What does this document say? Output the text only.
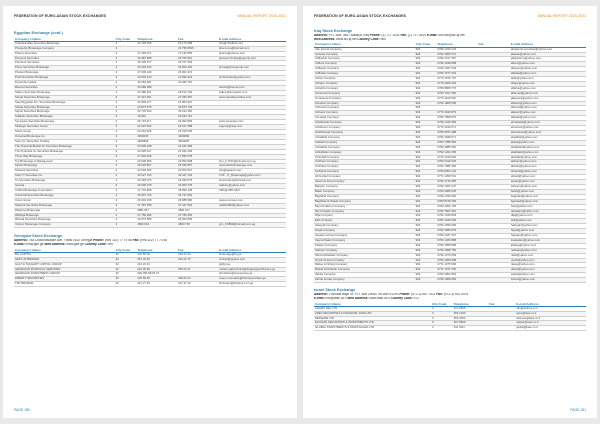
FEDERATION OF EURO-ASIAN STOCK EXCHANGES	ANNUAL REPORT 2020-2021
Egyptian Exchange (cont.)
Company's Name	City Code	Telephone	Fax	E-mail Address
Chartbuil-alike Securities Brokerage	2	24 136 545	24 173 268	info@chartbuil.com
Prosperity Brokerage Company	2		23 768 6815	pheromco@hotmail.com
Pharos Securities	2	27 393 471	27 193 855	pharos@pharos.com
Pioneers Securities	2	33 387 688	22 700 551	pioneers-broker@sgroup.com
Premiere Securities	2	33 339 577	33 707 503	
Prime Securities Brokerage	2	33 003 433	33 002 432	prime@primegroup.com
Prudent Brokerage	2	37 006 109	26 901 974	
Profit Securities Brokerage	2	23 803 410	23 833 422	profit-broker@yahoo.com
Pyramids Capital	2	33 084 281	33 082 751	
Rasmel Securities	2	33 086 288		rasmel@rasmel.com
Sallem Securities Brokerage	2	24 380 301	26 512 702	sallem@inmetech.com
Sanad Securities Brokerage	2	27 341 351	27 033 367	www.sanadsecurities.com
Saud Egyptian Fin. Securities Brokerage	2	24 839 277	24 800 327	
Shuaa Securities Brokerage	2	23 873 578	33 873 736	
Sigma Securities Brokerage	2	23 733 533	34 012 350	
Solidaire Securities Brokerage	2	16 819	23 933 710	
Synergies Securities Brokerage	2	26 715 117	26 002 893	www.synergies.com
Strategic Securities Group	2	24 091 533	22 617 088	ssgroup@ssg.com
Swiss Group	2	24 010 026	24 010 005	
Universal Brokerage Co.	2	4300036	4300096	
Sure Inv. Securities Trading	2	4843838	4840005	
The Financial Bucket for Securities Brokerage	2	24 805 408	24 033 486	
The Pyramids for Securities Brokerage	2	23 935 617	24 652 299	
Three Way Brokerage	2	27 820 608	27 850 278	
Top Brokerage & Management	2	23 906 666	23 900 508	plm_0 1701@hotmail.com.eg
Tactics Brokerage	2	25 025 857	25 036 857	www.tacticsbrokerage.com
Tawasol Securities	2	23 500 506	23 503 537	info@tawasol.com
Tasty IT Securities Co.	2	33 027 133	33 027 133	TOP - IT_Brokerage@yahoo.com
Tri-Securities Brokerage	2	24 693 075	24 693 075	trisecurities@hotmail.com
Gomaa	2	26 906 378	26 906 378	sakkary@yahoo.com
Unified Brokerage Corporation	2	27 734 868	35 893 128	UBC@UBC.NET
Universal Securities Brokerage	2	33 837 760	33 737 603	
Union Group	2	26 040 238	26 888 380	www.unionsec.com
National Securities Brokerage	2	37 487 358	37 447 318	nabil12000@yahoo.com
Wataniya Brokerage	2	4881 847	4881 917	
Wathiqa Brokerage	2	27 780 296	27 780 265	
Wessal Securities Brokerage	2	33 072 589	33 002 839	
Yosrion Brokerage Company	2	4860 644	4860 718	yjm_0 9860@hotmail.com.eg
Georgian Stock Exchange
Address: 74a Chavchavadze Ave, Tbilisi 0162 Georgia Phone: (995 322) 77 74 56 Fax: (995 322) 77 74 56
E-mail: info@gse.ge Web Address: www.gse.ge Country Code: 995
Company's Name	City Code	Telephone	Fax	E-mail Address
BG CAPITAL	32	222 55 00	222 03 44	brokerage@bg.ge
GEPLUS BROKER	32	257 20 90	291 02 76	contact@geplus.com
GALT & TAGGART CAPITAL GROUP	32	242 22 44		gt@gt.ge
GEORGIAN FINANCIAL SERVICES	32	240 99 99	253 00 11	mariam.gabrichidze@tbcgeorgiancfinance.ge
GEORGIAN INVESTMENT GROUP	32	000 399 58 93 37		nbrobidze@investgroup.ge
LIBERTY SECURITIES	32	225 55 00	299 00 44	sopron.menadze@libertysecurities.ge
TBC BROKER	32	227 27 33	227 27 33	tbcbroker@tbcbank.com.ge
PAGE 180
FEDERATION OF EURO-ASIAN STOCK EXCHANGES	ANNUAL REPORT 2020-2021
Iraq Stock Exchange
Address: P.O. Box: 3607 Alawiya, Iraq Phone: (1) 717 1032 Fax: (1) 717 4510 E-mail: info-isx@isx-iq.net
Web Address: www.isx-iq.net Country Code: 964
Company's Name	City Code	Telephone	Fax	E-mail Address
Abu Jannal Company	964	0790 1319 224		abujannal.securities@yahoo.com
Al-Awas Company	964	0790 1606 574		alawas@yahoo.com
Al-Bashar Company	964	0790 1617 967		albasharco@yahoo.com
Al-Burs Company	964	0790 1638 898		alburs@yahoo.com
Al-Bayan Company	964	0790 1457 542		albayan@yahoo.com
Al-Bidaa Company	964	0790 1577 019		albidaa@yahoo.com
Al-Dar Company	964	0770 7676 797		aldar@yahoo.com
Al-Fajer Company	964	0770 4206 004		alfajer@yahoo.com
Al-Farha Company	964	0780 8808 776		alfarha@yahoo.com
Al-Hamad Company	964	0790 1327 600		alhamad@yahoo.com
Al-Jazeera Company	964	0770 1109 006		aljazeera@yahoo.com
Al-Hazar Company	964	0790 1808 565		alhazar@yahoo.com
Al-Kamal Company	964			alkamal@yahoo.com
Al-Kawz Company	964	0770 1643 879		alkawz@yahoo.com
Al-Laqad Company	964	0780 7808 870		allaqad@yahoo.com
Al-Mawada Company	964	0790 1440 566		almawada@yahoo.com
Al-Mansur Company	964	0770 1619 071		almansur@yahoo.com
Al-Muhanad Company	964	0780 0871 988		almuhanad@yahoo.com
Al-Nakhla Company	964	0790 1848 071		alnakhla@yahoo.com
Al-Rawi Company	964	0780 7388 581		alrawi@yahoo.com
Al-Nakhla Company	964	0790 1885 650		alnakhla2@yahoo.com
Al-Rafidain Company	964	0790 1321 065		alrafidain@yahoo.com
Al-Sahab Company	964	0770 1319 026		alsahab@yahoo.com
Al-Sham Company	964	0790 2316 026		alsham@yahoo.com
Al-Sharq Company	964	0790 7985 455		alsharq@yahoo.com
Al-Zawra Company	964	0790 8004 144		alzawra@yahoo.com
Ali Al-Zaid Company	964	0771 1350 541		alizaid@yahoo.com
Aswar Al-Iraq Company	964	0790 1716 355		aswar@yahoo.com
Babylon Company	964	0790 1301 037		babylon@yahoo.com
Baish Company	964	0790 4965 035		baish@yahoo.com
Baghdad Company	964	0790 1330 060		baghdad@yahoo.com
Baghdad Al-Shaab Company	964	0780 8748 396		bgshaab@yahoo.com
Bayt Al-Hikma Company	964	0790 1902 135		bayt@yahoo.com
Dar Al-Salam Company	964	0790 7803 361		darsalam@yahoo.com
Dijla Company	964	0790 1340 803		dijla@yahoo.com
Elaf Company	964	0780 1940 509		elaf@yahoo.com
Halwyah Company	964	0790 1690 996		halwyah@yahoo.com
Hayat Company	964	0790 1080 879		hayat@yahoo.com
Hayatan Al-Iraq Company	964	0790 1947 097		hayatan@yahoo.com
Iraqi Al-Salam Company	964	0790 1466 888		iraqisalam@yahoo.com
Khaleej Company	964	0790 1858 858		khaleej@yahoo.com
Nahrain Company	964	0790 1898 755		nahrain@yahoo.com
Nibal Al-Rafidain Company	964	0790 1370 659		nibal@yahoo.com
Oroob Al-Iraq Company	964	0790 1969 698		oroob@yahoo.com
Rabee Al-Sharq Company	964	0771 1375 596		rabee@yahoo.com
Rafeef Al-Nahrain Company	964	0771 1371 500		rafeef@yahoo.com
Warka Company	964	0790 1802 863		warka@yahoo.com
Zahrat Al-Iraq Company	964	0790 1908 890		zahrat@yahoo.com
Israel Stock Exchange
Address: 2 Ahuzat Bayit St. P.O. Box 29060 Tel-Aviv 61290 Phone: (972-3) 567 7411 Fax: (972-3) 510 5379
E-mail: info@tase.co.il Web Address: www.tase.co.il Country Code: 972
Company's Name	City Code	Telephone	Fax	E-mail Address
ADAMS SEC LTD	3	572 0500		info@adams.co.il
APEX SECURITIES & FINANCIAL DATA LTD	3	566 1000		apex@tase.co.il
DEFENSE LTD	3	566 4000		defense@tase.co.il
ELIGSAR SECURITIES & INVESTMENTS LTD	3	567 8500		eligsar@tase.co.il
GLOBAL INVESTMENTS & MORTGAGES LTD	3	511 5111		global@tase.co.il
PAGE 181
